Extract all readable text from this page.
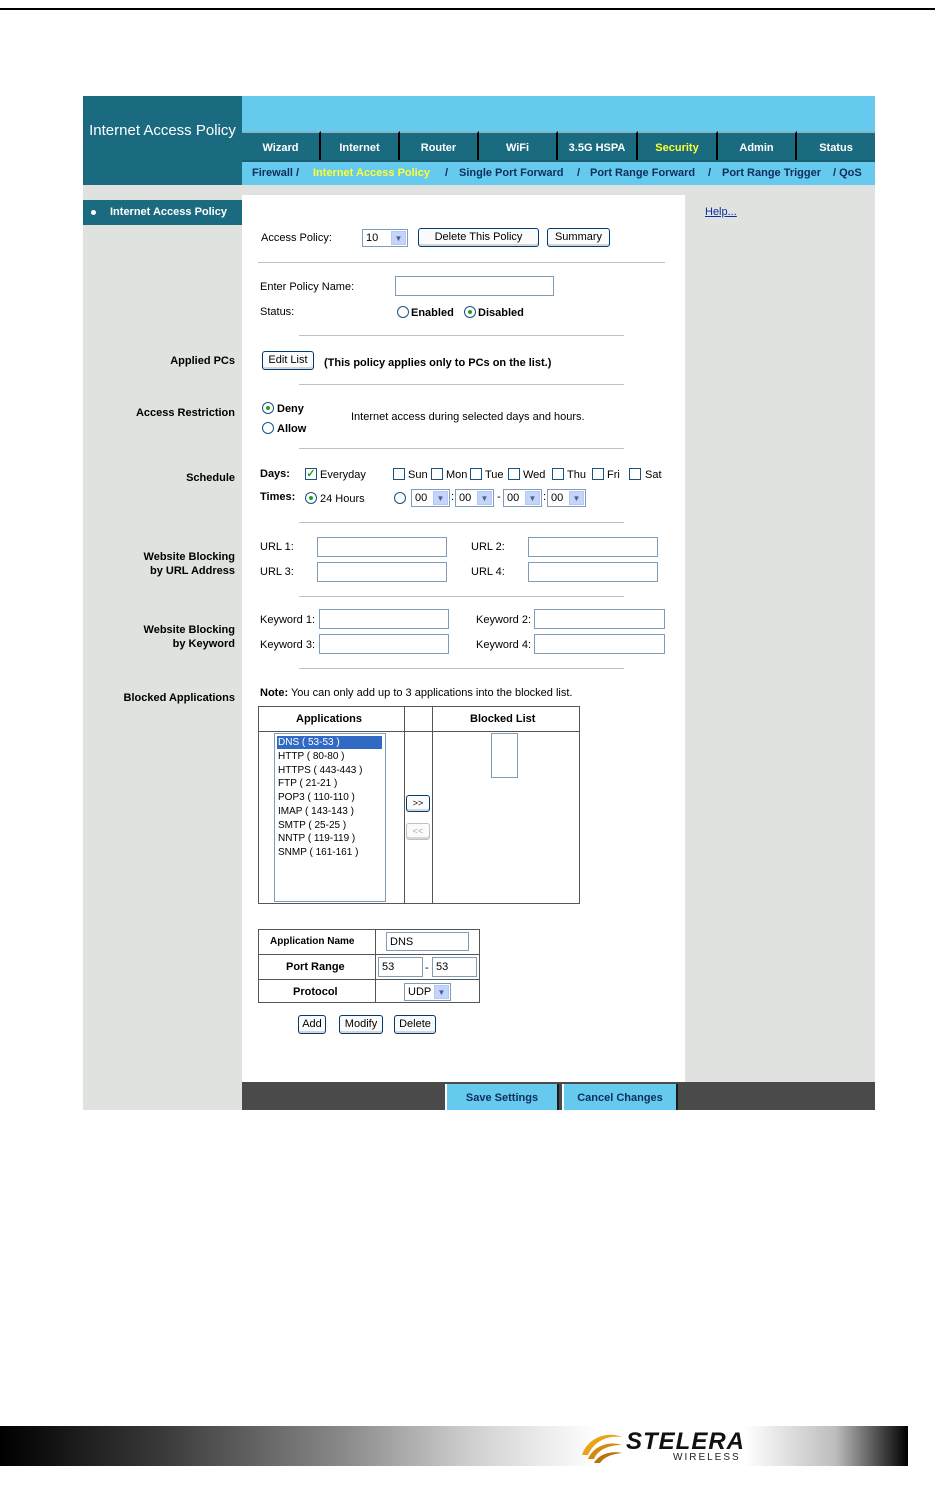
Internet Access Policy
Wizard	Internet	Router	WiFi	3.5G HSPA	Security	Admin	Status
Firewall / Internet Access Policy / Single Port Forward / Port Range Forward / Port Range Trigger / QoS
Internet Access Policy	Help...
Applied PCs
Access Restriction
Schedule
Website Blocking
by URL Address
Website Blocking
by Keyword
Blocked Applications
Access Policy:	10	▼	Delete This Policy	Summary
Enter Policy Name:
Status:	Enabled Disabled
Edit List	(This policy applies only to PCs on the list.)
Deny
Allow
Internet access during selected days and hours.
Days: ✓ Everyday	Sun Mon Tue Wed Thu Fri Sat
Times: 24 Hours	00	▼ : 00	▼ - 00	▼ : 00	▼
URL 1:	URL 2:
URL 3:	URL 4:
Keyword 1:	Keyword 2:
Keyword 3:	Keyword 4:
Note: You can only add up to 3 applications into the blocked list.
Applications	Blocked List
DNS ( 53-53 )
HTTP ( 80-80 )
HTTPS ( 443-443 )
FTP ( 21-21 )
POP3 ( 110-110 )
IMAP ( 143-143 )
SMTP ( 25-25 )
NNTP ( 119-119 )
SNMP ( 161-161 )
>>
<<
Application Name	DNS
Port Range	53	- 53
Protocol	UDP ▼
Add	Modify	Delete
Save Settings	Cancel Changes
STELERA
WIRELESS
